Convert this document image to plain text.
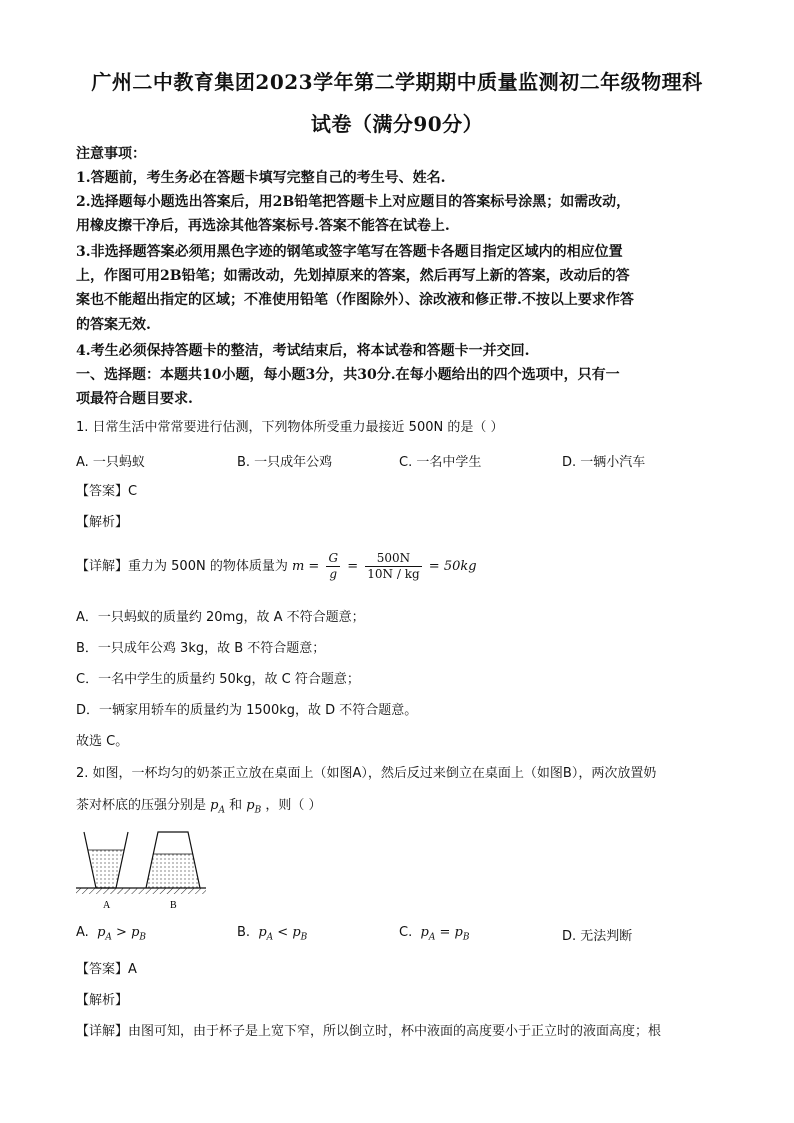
广州二中教育集团2023学年第二学期期中质量监测初二年级物理科
试卷（满分90分）
注意事项：
1.答题前，考生务必在答题卡填写完整自己的考生号、姓名.
2.选择题每小题选出答案后，用2B铅笔把答题卡上对应题目的答案标号涂黑；如需改动，
用橡皮擦干净后，再选涂其他答案标号.答案不能答在试卷上.
3.非选择题答案必须用黑色字迹的钢笔或签字笔写在答题卡各题目指定区域内的相应位置
上，作图可用2B铅笔；如需改动，先划掉原来的答案，然后再写上新的答案，改动后的答
案也不能超出指定的区域；不准使用铅笔（作图除外）、涂改液和修正带.不按以上要求作答
的答案无效.
4.考生必须保持答题卡的整洁，考试结束后，将本试卷和答题卡一并交回.
一、选择题：本题共10小题，每小题3分，共30分.在每小题给出的四个选项中，只有一
项最符合题目要求.
1. 日常生活中常常要进行估测，下列物体所受重力最接近 500N 的是（ ）
A. 一只蚂蚁	B. 一只成年公鸡	C. 一名中学生	D. 一辆小汽车
【答案】C
【解析】
【详解】重力为 500N 的物体质量为 $m = \frac{G}{g} = \frac{500N}{10N / kg} = 50kg$
A．一只蚂蚁的质量约 20mg，故 A 不符合题意；
B．一只成年公鸡 3kg，故 B 不符合题意；
C．一名中学生的质量约 50kg，故 C 符合题意；
D．一辆家用轿车的质量约为 1500kg，故 D 不符合题意。
故选 C。
2. 如图，一杯均匀的奶茶正立放在桌面上（如图A），然后反过来倒立在桌面上（如图B），两次放置奶
茶对杯底的压强分别是 $p_A$ 和 $p_B$ ，则（ ）
A	B
A. $p_A > p_B$	B. $p_A < p_B$	C. $p_A = p_B$	D. 无法判断
【答案】A
【解析】
【详解】由图可知，由于杯子是上宽下窄，所以倒立时，杯中液面的高度要小于正立时的液面高度；根
